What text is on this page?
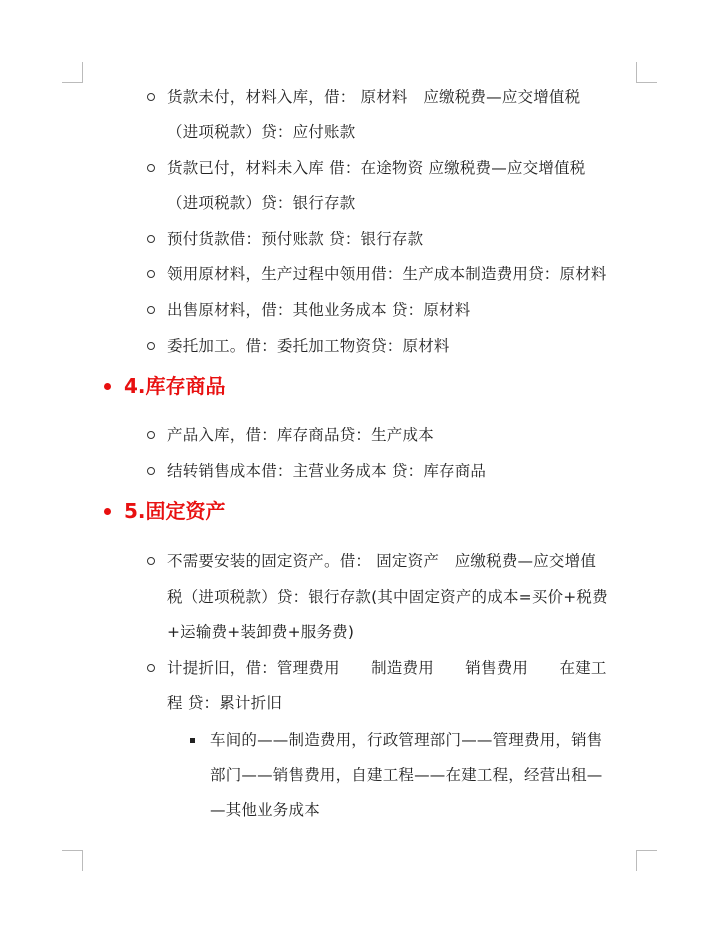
货款未付，材料入库，借： 原材料　应缴税费—应交增值税
（进项税款）贷：应付账款
货款已付，材料未入库 借：在途物资 应缴税费—应交增值税
（进项税款）贷：银行存款
预付货款借：预付账款 贷：银行存款
领用原材料，生产过程中领用借：生产成本制造费用贷：原材料
出售原材料，借：其他业务成本 贷：原材料
委托加工。借：委托加工物资贷：原材料
4.库存商品
产品入库，借：库存商品贷：生产成本
结转销售成本借：主营业务成本 贷：库存商品
5.固定资产
不需要安装的固定资产。借： 固定资产　应缴税费—应交增值
税（进项税款）贷：银行存款(其中固定资产的成本=买价+税费
+运输费+装卸费+服务费)
计提折旧，借：管理费用　　制造费用　　销售费用　　在建工
程 贷：累计折旧
车间的——制造费用，行政管理部门——管理费用，销售
部门——销售费用，自建工程——在建工程，经营出租—
—其他业务成本
